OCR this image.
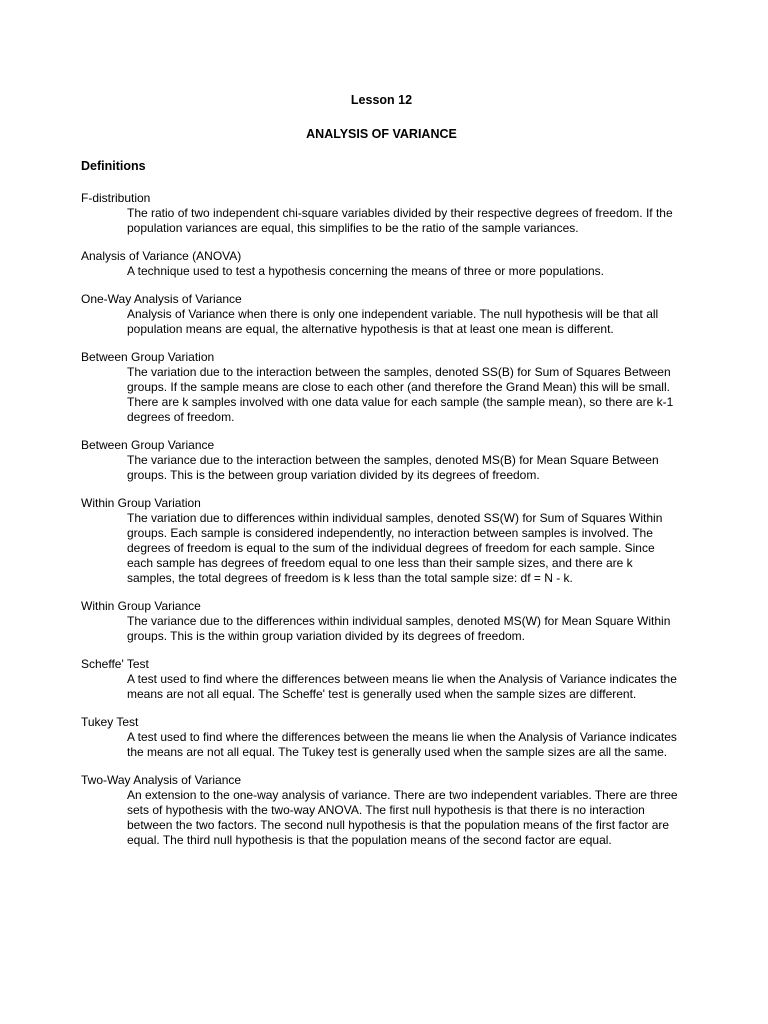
Lesson 12
ANALYSIS OF VARIANCE
Definitions

F-distribution

The ratio of two independent chi-square variables divided by their respective degrees of freedom. If the population variances are equal, this simplifies to be the ratio of the sample variances.

Analysis of Variance (ANOVA)

A technique used to test a hypothesis concerning the means of three or more populations.

One-Way Analysis of Variance

Analysis of Variance when there is only one independent variable. The null hypothesis will be that all population means are equal, the alternative hypothesis is that at least one mean is different.

Between Group Variation

The variation due to the interaction between the samples, denoted SS(B) for Sum of Squares Between groups. If the sample means are close to each other (and therefore the Grand Mean) this will be small. There are k samples involved with one data value for each sample (the sample mean), so there are k-1 degrees of freedom.

Between Group Variance

The variance due to the interaction between the samples, denoted MS(B) for Mean Square Between groups. This is the between group variation divided by its degrees of freedom.

Within Group Variation

The variation due to differences within individual samples, denoted SS(W) for Sum of Squares Within groups. Each sample is considered independently, no interaction between samples is involved. The degrees of freedom is equal to the sum of the individual degrees of freedom for each sample. Since each sample has degrees of freedom equal to one less than their sample sizes, and there are k samples, the total degrees of freedom is k less than the total sample size: df = N - k.

Within Group Variance

The variance due to the differences within individual samples, denoted MS(W) for Mean Square Within groups. This is the within group variation divided by its degrees of freedom.

Scheffe' Test

A test used to find where the differences between means lie when the Analysis of Variance indicates the means are not all equal. The Scheffe' test is generally used when the sample sizes are different.

Tukey Test

A test used to find where the differences between the means lie when the Analysis of Variance indicates the means are not all equal. The Tukey test is generally used when the sample sizes are all the same.

Two-Way Analysis of Variance

An extension to the one-way analysis of variance. There are two independent variables. There are three sets of hypothesis with the two-way ANOVA. The first null hypothesis is that there is no interaction between the two factors. The second null hypothesis is that the population means of the first factor are equal. The third null hypothesis is that the population means of the second factor are equal.
